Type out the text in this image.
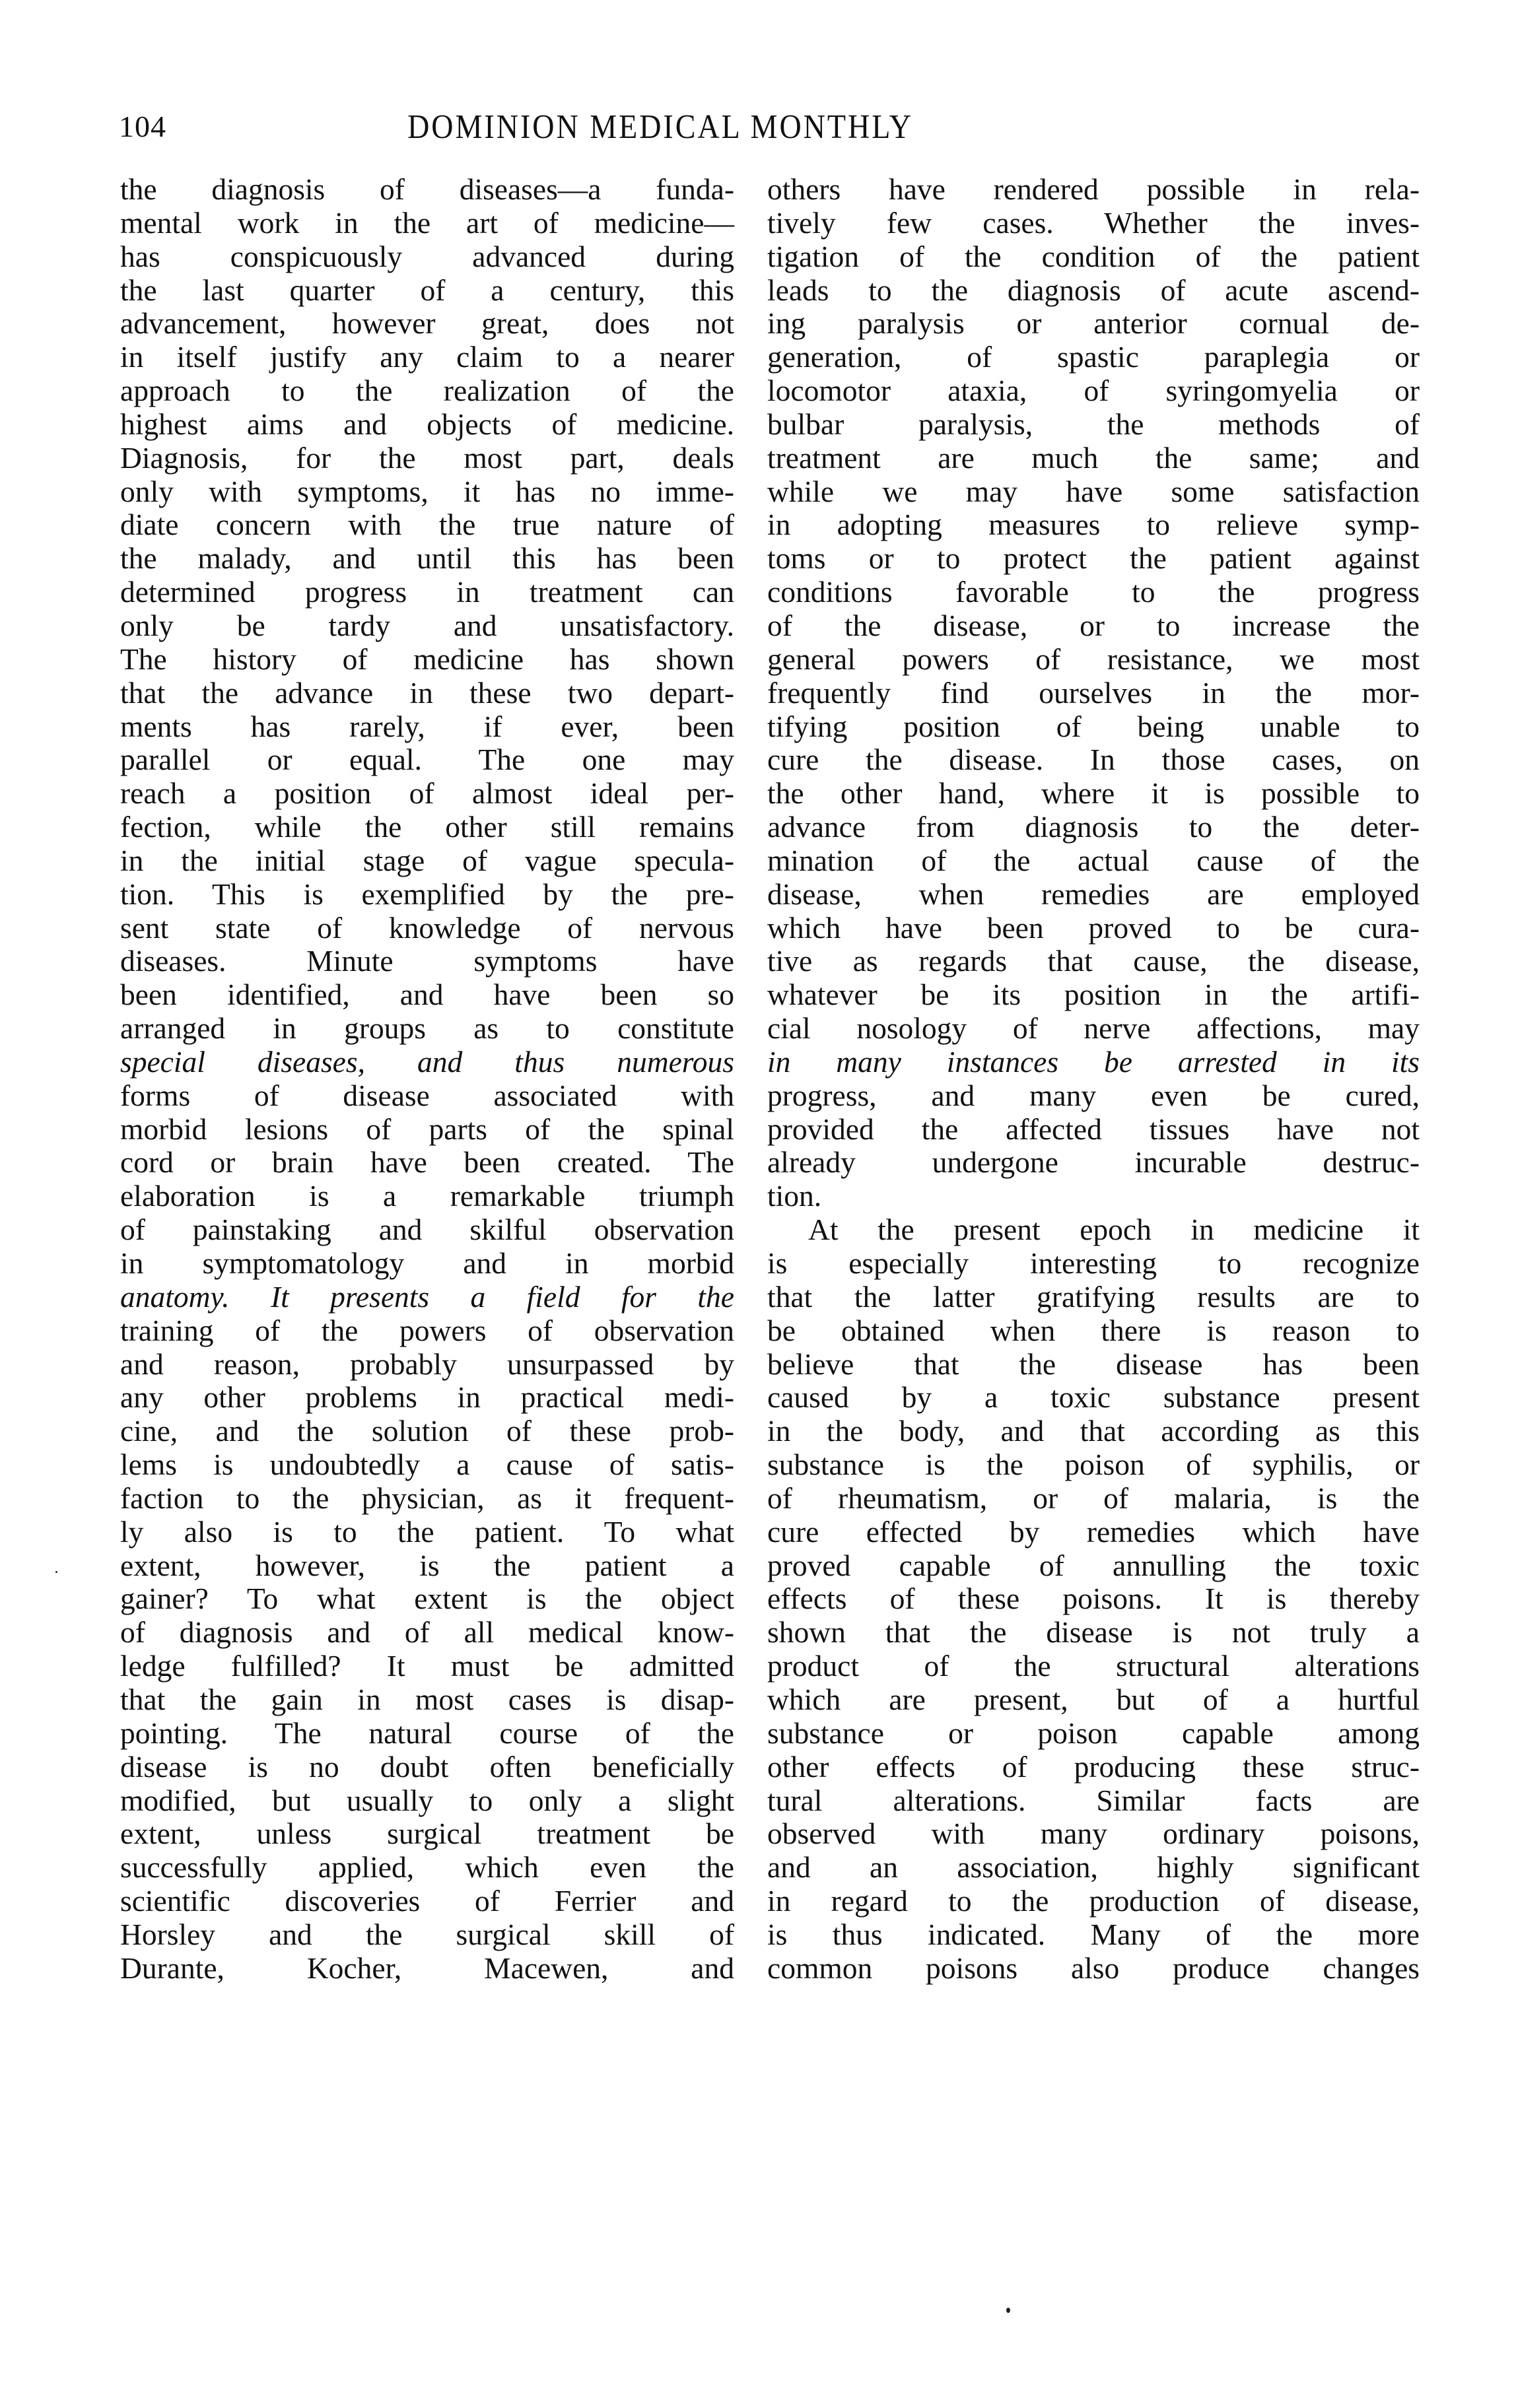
104	DOMINION MEDICAL MONTHLY
the diagnosis of diseases—a funda-
mental work in the art of medicine—
has conspicuously advanced during
the last quarter of a century, this
advancement, however great, does not
in itself justify any claim to a nearer
approach to the realization of the
highest aims and objects of medicine.
Diagnosis, for the most part, deals
only with symptoms, it has no imme-
diate concern with the true nature of
the malady, and until this has been
determined progress in treatment can
only be tardy and unsatisfactory.
The history of medicine has shown
that the advance in these two depart-
ments has rarely, if ever, been
parallel or equal. The one may
reach a position of almost ideal per-
fection, while the other still remains
in the initial stage of vague specula-
tion. This is exemplified by the pre-
sent state of knowledge of nervous
diseases. Minute symptoms have
been identified, and have been so
arranged in groups as to constitute
special diseases, and thus numerous
forms of disease associated with
morbid lesions of parts of the spinal
cord or brain have been created. The
elaboration is a remarkable triumph
of painstaking and skilful observation
in symptomatology and in morbid
anatomy. It presents a field for the
training of the powers of observation
and reason, probably unsurpassed by
any other problems in practical medi-
cine, and the solution of these prob-
lems is undoubtedly a cause of satis-
faction to the physician, as it frequent-
ly also is to the patient. To what
extent, however, is the patient a
gainer? To what extent is the object
of diagnosis and of all medical know-
ledge fulfilled? It must be admitted
that the gain in most cases is disap-
pointing. The natural course of the
disease is no doubt often beneficially
modified, but usually to only a slight
extent, unless surgical treatment be
successfully applied, which even the
scientific discoveries of Ferrier and
Horsley and the surgical skill of
Durante, Kocher, Macewen, and
others have rendered possible in rela-
tively few cases. Whether the inves-
tigation of the condition of the patient
leads to the diagnosis of acute ascend-
ing paralysis or anterior cornual de-
generation, of spastic paraplegia or
locomotor ataxia, of syringomyelia or
bulbar paralysis, the methods of
treatment are much the same; and
while we may have some satisfaction
in adopting measures to relieve symp-
toms or to protect the patient against
conditions favorable to the progress
of the disease, or to increase the
general powers of resistance, we most
frequently find ourselves in the mor-
tifying position of being unable to
cure the disease. In those cases, on
the other hand, where it is possible to
advance from diagnosis to the deter-
mination of the actual cause of the
disease, when remedies are employed
which have been proved to be cura-
tive as regards that cause, the disease,
whatever be its position in the artifi-
cial nosology of nerve affections, may
in many instances be arrested in its
progress, and many even be cured,
provided the affected tissues have not
already undergone incurable destruc-
tion.
At the present epoch in medicine it
is especially interesting to recognize
that the latter gratifying results are to
be obtained when there is reason to
believe that the disease has been
caused by a toxic substance present
in the body, and that according as this
substance is the poison of syphilis, or
of rheumatism, or of malaria, is the
cure effected by remedies which have
proved capable of annulling the toxic
effects of these poisons. It is thereby
shown that the disease is not truly a
product of the structural alterations
which are present, but of a hurtful
substance or poison capable among
other effects of producing these struc-
tural alterations. Similar facts are
observed with many ordinary poisons,
and an association, highly significant
in regard to the production of disease,
is thus indicated. Many of the more
common poisons also produce changes
